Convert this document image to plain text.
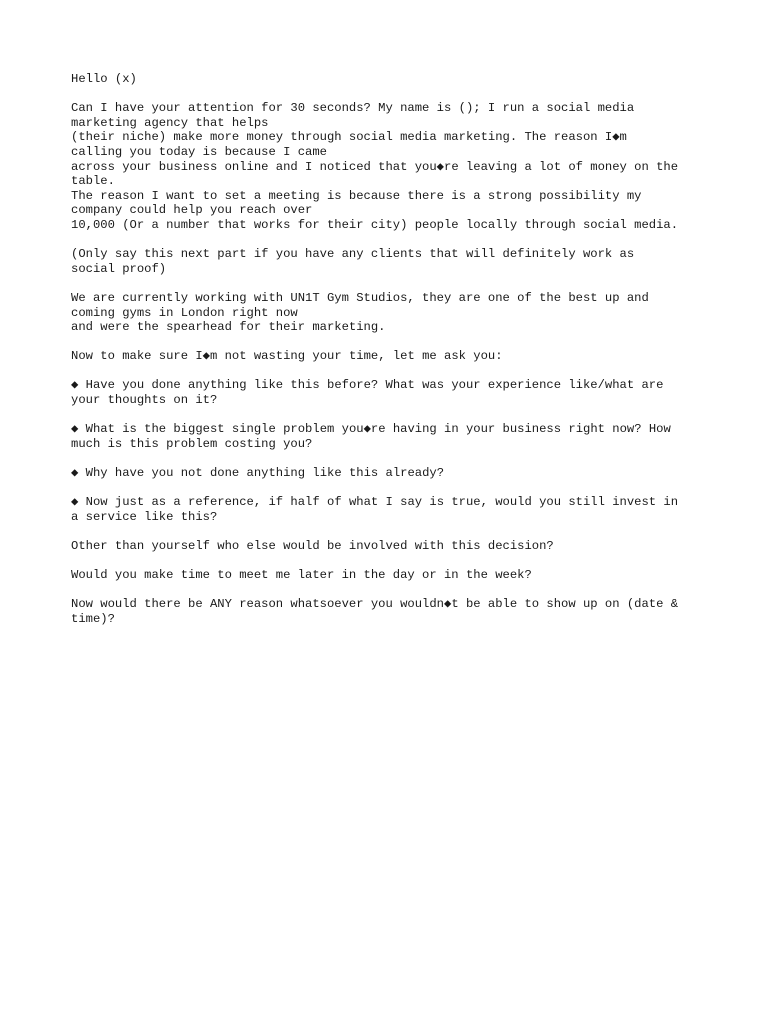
Hello (x)

Can I have your attention for 30 seconds? My name is (); I run a social media
marketing agency that helps
(their niche) make more money through social media marketing. The reason I◆m
calling you today is because I came
across your business online and I noticed that you◆re leaving a lot of money on the
table.
The reason I want to set a meeting is because there is a strong possibility my
company could help you reach over
10,000 (Or a number that works for their city) people locally through social media.

(Only say this next part if you have any clients that will definitely work as
social proof)

We are currently working with UN1T Gym Studios, they are one of the best up and
coming gyms in London right now
and were the spearhead for their marketing.

Now to make sure I◆m not wasting your time, let me ask you:

◆ Have you done anything like this before? What was your experience like/what are
your thoughts on it?

◆ What is the biggest single problem you◆re having in your business right now? How
much is this problem costing you?

◆ Why have you not done anything like this already?

◆ Now just as a reference, if half of what I say is true, would you still invest in
a service like this?

Other than yourself who else would be involved with this decision?

Would you make time to meet me later in the day or in the week?

Now would there be ANY reason whatsoever you wouldn◆t be able to show up on (date &
time)?
